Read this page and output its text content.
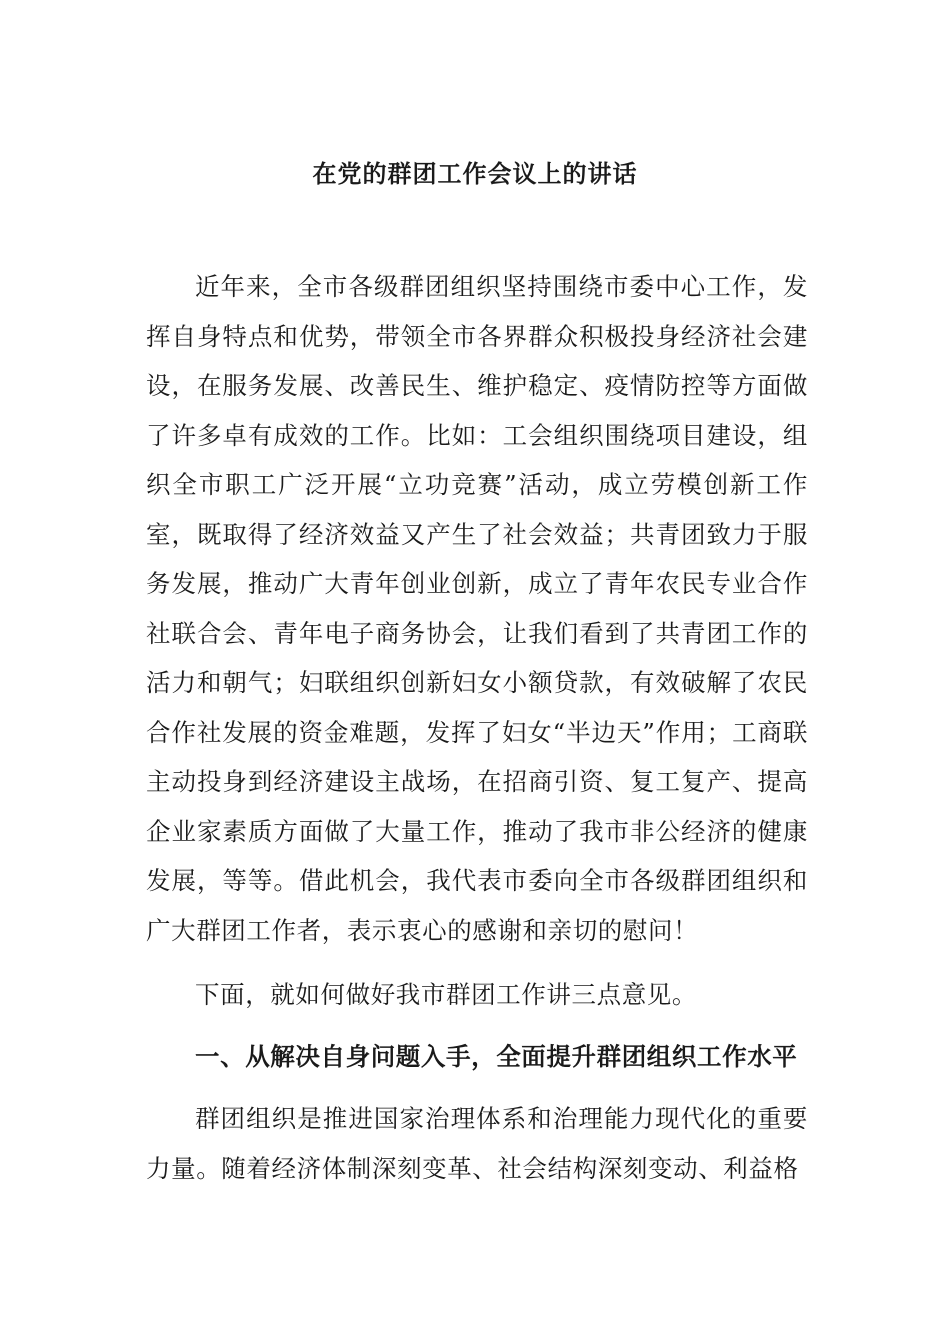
在党的群团工作会议上的讲话

近年来，全市各级群团组织坚持围绕市委中心工作，发挥自身特点和优势，带领全市各界群众积极投身经济社会建设，在服务发展、改善民生、维护稳定、疫情防控等方面做了许多卓有成效的工作。比如：工会组织围绕项目建设，组织全市职工广泛开展“立功竞赛”活动，成立劳模创新工作室，既取得了经济效益又产生了社会效益；共青团致力于服务发展，推动广大青年创业创新，成立了青年农民专业合作社联合会、青年电子商务协会，让我们看到了共青团工作的活力和朝气；妇联组织创新妇女小额贷款，有效破解了农民合作社发展的资金难题，发挥了妇女“半边天”作用；工商联主动投身到经济建设主战场，在招商引资、复工复产、提高企业家素质方面做了大量工作，推动了我市非公经济的健康发展，等等。借此机会，我代表市委向全市各级群团组织和广大群团工作者，表示衷心的感谢和亲切的慰问！

下面，就如何做好我市群团工作讲三点意见。

一、从解决自身问题入手，全面提升群团组织工作水平

群团组织是推进国家治理体系和治理能力现代化的重要力量。随着经济体制深刻变革、社会结构深刻变动、利益格
